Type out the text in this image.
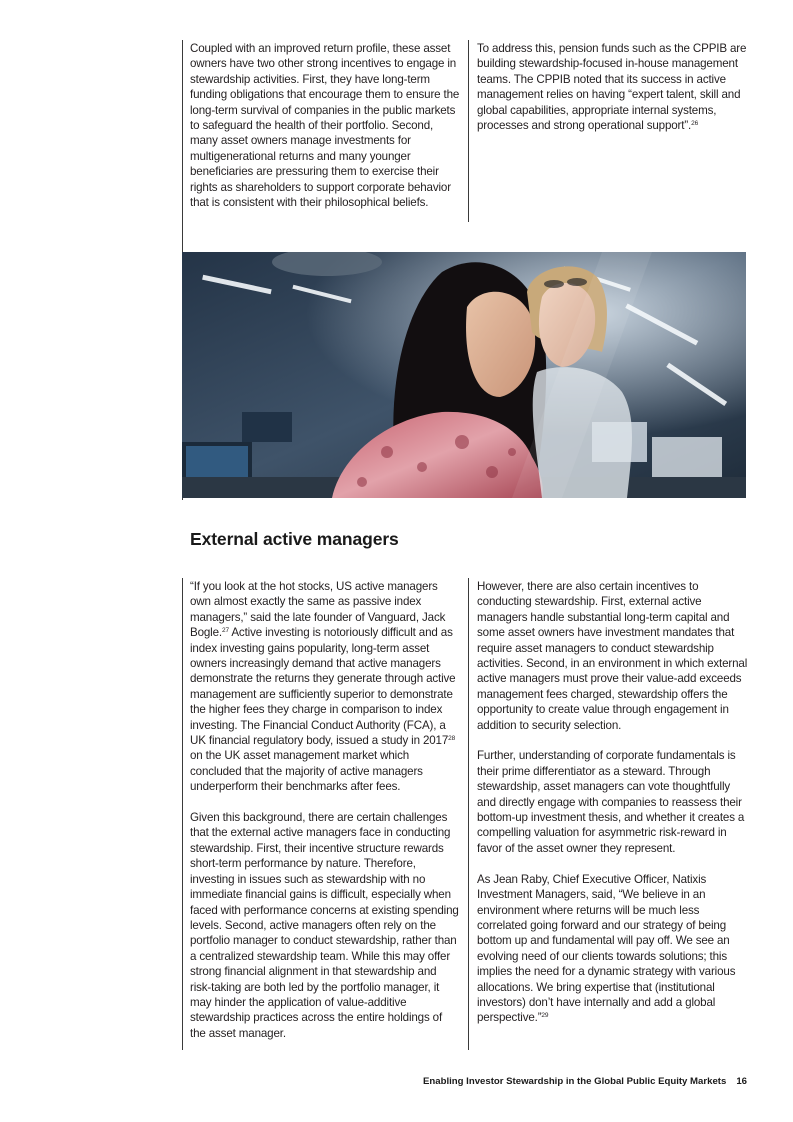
Coupled with an improved return profile, these asset owners have two other strong incentives to engage in stewardship activities. First, they have long-term funding obligations that encourage them to ensure the long-term survival of companies in the public markets to safeguard the health of their portfolio. Second, many asset owners manage investments for multigenerational returns and many younger beneficiaries are pressuring them to exercise their rights as shareholders to support corporate behavior that is consistent with their philosophical beliefs.

To address this, pension funds such as the CPPIB are building stewardship-focused in-house management teams. The CPPIB noted that its success in active management relies on having “expert talent, skill and global capabilities, appropriate internal systems, processes and strong operational support”.$^{26}$

External active managers

“If you look at the hot stocks, US active managers own almost exactly the same as passive index managers,” said the late founder of Vanguard, Jack Bogle.$^{27}$ Active investing is notoriously difficult and as index investing gains popularity, long-term asset owners increasingly demand that active managers demonstrate the returns they generate through active management are sufficiently superior to demonstrate the higher fees they charge in comparison to index investing. The Financial Conduct Authority (FCA), a UK financial regulatory body, issued a study in 2017$^{28}$ on the UK asset management market which concluded that the majority of active managers underperform their benchmarks after fees.

Given this background, there are certain challenges that the external active managers face in conducting stewardship. First, their incentive structure rewards short-term performance by nature. Therefore, investing in issues such as stewardship with no immediate financial gains is difficult, especially when faced with performance concerns at existing spending levels. Second, active managers often rely on the portfolio manager to conduct stewardship, rather than a centralized stewardship team. While this may offer strong financial alignment in that stewardship and risk-taking are both led by the portfolio manager, it may hinder the application of value-additive stewardship practices across the entire holdings of the asset manager.

However, there are also certain incentives to conducting stewardship. First, external active managers handle substantial long-term capital and some asset owners have investment mandates that require asset managers to conduct stewardship activities. Second, in an environment in which external active managers must prove their value-add exceeds management fees charged, stewardship offers the opportunity to create value through engagement in addition to security selection.

Further, understanding of corporate fundamentals is their prime differentiator as a steward. Through stewardship, asset managers can vote thoughtfully and directly engage with companies to reassess their bottom-up investment thesis, and whether it creates a compelling valuation for asymmetric risk-reward in favor of the asset owner they represent.

As Jean Raby, Chief Executive Officer, Natixis Investment Managers, said, “We believe in an environment where returns will be much less correlated going forward and our strategy of being bottom up and fundamental will pay off. We see an evolving need of our clients towards solutions; this implies the need for a dynamic strategy with various allocations. We bring expertise that (institutional investors) don’t have internally and add a global perspective.”$^{29}$

Enabling Investor Stewardship in the Global Public Equity Markets 16
